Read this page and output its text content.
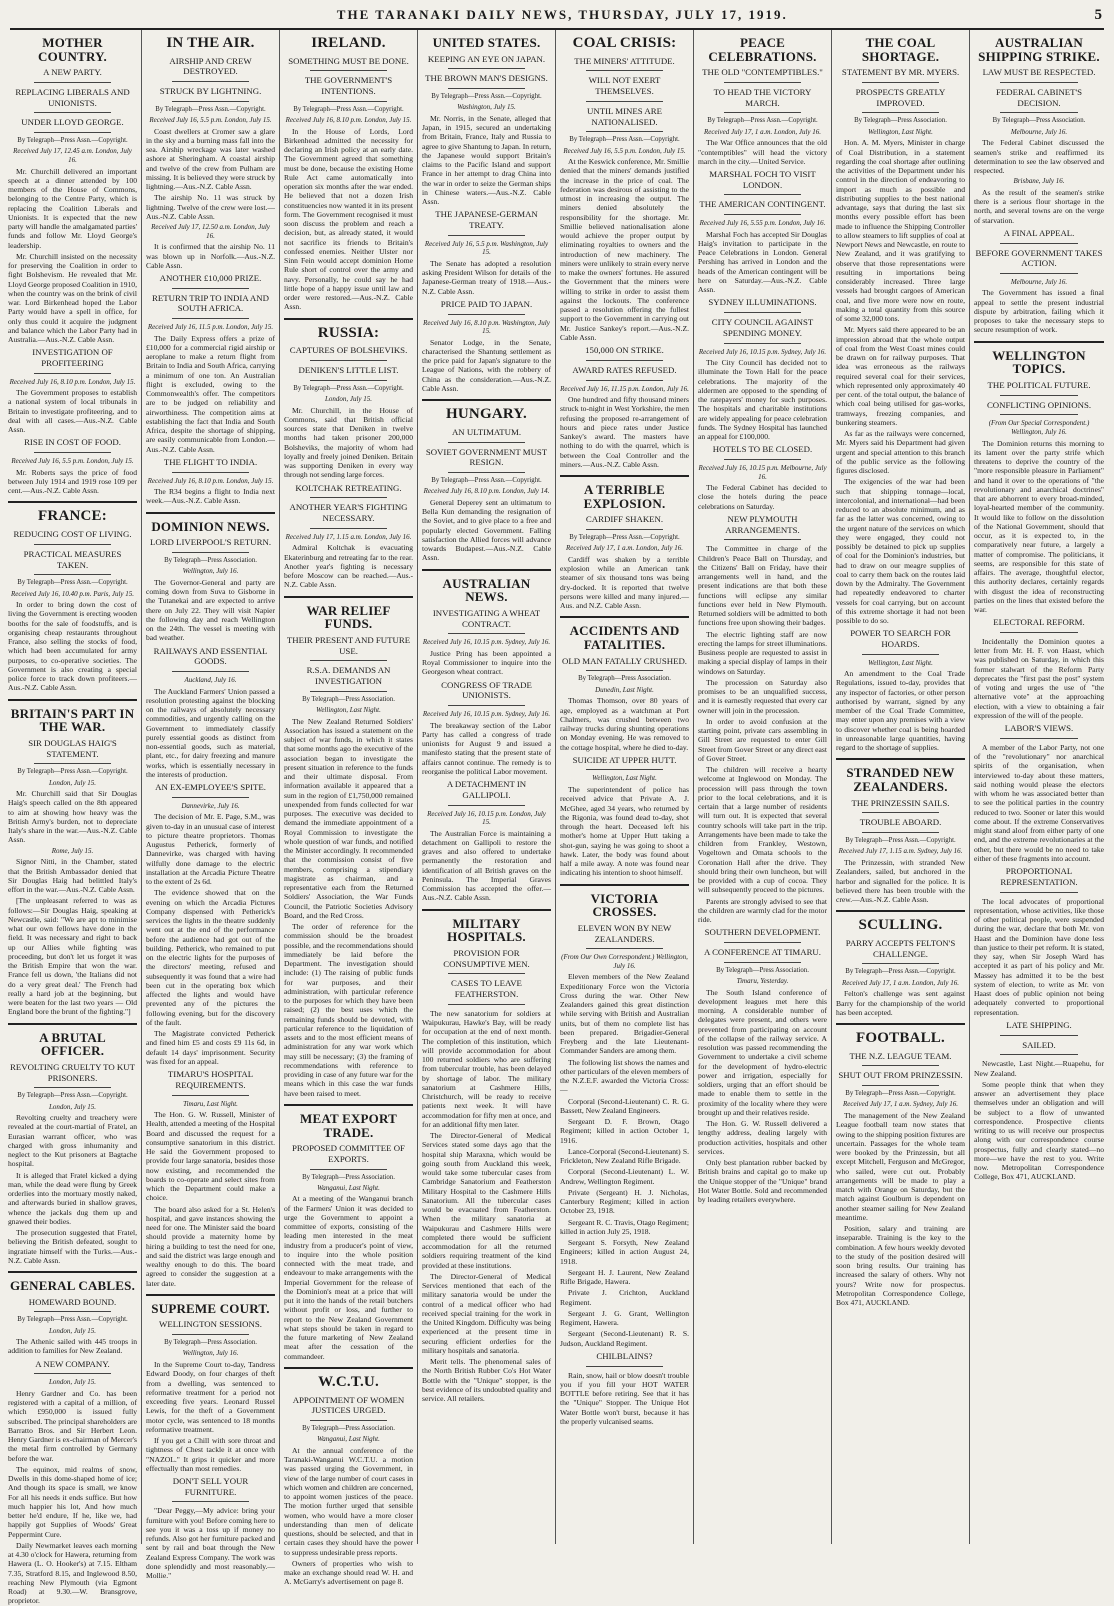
THE TARANAKI DAILY NEWS, THURSDAY, JULY 17, 1919.	5
MOTHER COUNTRY.
A NEW PARTY.
REPLACING LIBERALS AND UNIONISTS.
UNDER LLOYD GEORGE.
By Telegraph—Press Assn.—Copyright.
Received July 17, 12.45 a.m. London, July 16.
Mr. Churchill delivered an important speech at a dinner attended by 100 members of the House of Commons, belonging to the Centre Party, which is replacing the Coalition Liberals and Unionists. It is expected that the new party will handle the amalgamated parties' funds and follow Mr. Lloyd George's leadership.
Mr. Churchill insisted on the necessity for preserving the Coalition in order to fight Bolshevism. He revealed that Mr. Lloyd George proposed Coalition in 1910, when the country was on the brink of civil war. Lord Birkenhead hoped the Labor Party would have a spell in office, for only thus could it acquire the judgment and balance which the Labor Party had in Australia.—Aus.-N.Z. Cable Assn.
INVESTIGATION OF PROFITEERING
Received July 16, 8.10 p.m. London, July 15.
The Government proposes to establish a national system of local tribunals in Britain to investigate profiteering, and to deal with all cases.—Aus.-N.Z. Cable Assn.
RISE IN COST OF FOOD.
Received July 16, 5.5 p.m. London, July 15.
Mr. Roberts says the price of food between July 1914 and 1919 rose 109 per cent.—Aus.-N.Z. Cable Assn.
FRANCE:
REDUCING COST OF LIVING.
PRACTICAL MEASURES TAKEN.
By Telegraph—Press Assn.—Copyright.
Received July 16, 10.40 p.m. Paris, July 15.
In order to bring down the cost of living the Government is erecting wooden booths for the sale of foodstuffs, and is organising cheap restaurants throughout France, also selling the stocks of food, which had been accumulated for army purposes, to co-operative societies. The Government is also creating a special police force to track down profiteers.—Aus.-N.Z. Cable Assn.
BRITAIN'S PART IN THE WAR.
SIR DOUGLAS HAIG'S STATEMENT.
By Telegraph—Press Assn.—Copyright.
London, July 15.
Mr. Churchill said that Sir Douglas Haig's speech called on the 8th appeared to aim at showing how heavy was the British Army's burden, not to depreciate Italy's share in the war.—Aus.-N.Z. Cable Assn.
Rome, July 15.
Signor Nitti, in the Chamber, stated that the British Ambassador denied that Sir Douglas Haig had belittled Italy's effort in the war.—Aus.-N.Z. Cable Assn.
[The unpleasant referred to was as follows:—Sir Douglas Haig, speaking at Newcastle, said: "We are apt to minimise what our own fellows have done in the field. It was necessary and right to back up our Allies while fighting was proceeding, but don't let us forget it was the British Empire that won the war. France fell us down, 'the Italians did not do a very great deal.' The French had really a hard job at the beginning, but were beaten for the last two years — Old England bore the brunt of the fighting."]
A BRUTAL OFFICER.
REVOLTING CRUELTY TO KUT PRISONERS.
By Telegraph—Press Assn.—Copyright.
London, July 15.
Revolting cruelty and treachery were revealed at the court-martial of Fratel, an Eurasian warrant officer, who was charged with gross inhumanity and neglect to the Kut prisoners at Bagtache hospital.
It is alleged that Fratel kicked a dying man, while the dead were flung by Greek orderlies into the mortuary mostly naked, and afterwards buried in shallow graves, whence the jackals dug them up and gnawed their bodies.
The prosecution suggested that Fratel, believing the British defeated, sought to ingratiate himself with the Turks.—Aus.-N.Z. Cable Assn.
GENERAL CABLES.
HOMEWARD BOUND.
By Telegraph—Press Assn.—Copyright.
London, July 15.
The Athenic sailed with 445 troops in addition to families for New Zealand.
A NEW COMPANY.
London, July 15.
Henry Gardner and Co. has been registered with a capital of a million, of which £950,000 is issued fully subscribed. The principal shareholders are Barratto Bros. and Sir Herbert Leon. Henry Gardner is ex-chairman of Mercer's the metal firm controlled by Germany before the war.
The equinox, mid realms of snow, Dwells in this dome-shaped home of ice; And though its space is small, we know For all his needs it ends suffice. But how much happier his lot, And how much better he'd endure, If he, like we, had happily got Supplies of Woods' Great Peppermint Cure.
Daily Newmarket leaves each morning at 4.30 o'clock for Hawera, returning from Hawera (L. O. Hooker's) at 7.15. Eltham 7.35, Stratford 8.15, and Inglewood 8.50, reaching New Plymouth (via Egmont Road) at 9.30.—W. Bransgrove, proprietor.
IN THE AIR.
AIRSHIP AND CREW DESTROYED.
STRUCK BY LIGHTNING.
By Telegraph—Press Assn.—Copyright.
Received July 16, 5.5 p.m. London, July 15.
Coast dwellers at Cromer saw a glare in the sky and a burning mass fall into the sea. Airship wreckage was later washed ashore at Sheringham. A coastal airship and twelve of the crew from Pulham are missing. It is believed they were struck by lightning.—Aus.-N.Z. Cable Assn.
The airship No. 11 was struck by lightning. Twelve of the crew were lost.—Aus.-N.Z. Cable Assn.
Received July 17, 12.50 a.m. London, July 16.
It is confirmed that the airship No. 11 was blown up in Norfolk.—Aus.-N.Z. Cable Assn.
ANOTHER £10,000 PRIZE.
RETURN TRIP TO INDIA AND SOUTH AFRICA.
Received July 16, 11.5 p.m. London, July 15.
The Daily Express offers a prize of £10,000 for a commercial rigid airship or aeroplane to make a return flight from Britain to India and South Africa, carrying a minimum of one ton. An Australian flight is excluded, owing to the Commonwealth's offer. The competitors are to be judged on reliability and airworthiness. The competition aims at establishing the fact that India and South Africa, despite the shortage of shipping, are easily communicable from London.—Aus.-N.Z. Cable Assn.
THE FLIGHT TO INDIA.
Received July 16, 8.10 p.m. London, July 15.
The R34 begins a flight to India next week.—Aus.-N.Z. Cable Assn.
DOMINION NEWS.
LORD LIVERPOOL'S RETURN.
By Telegraph—Press Association.
Wellington, July 16.
The Governor-General and party are coming down from Suva to Gisborne in the Tutanekai and are expected to arrive there on July 22. They will visit Napier the following day and reach Wellington on the 24th. The vessel is meeting with bad weather.
RAILWAYS AND ESSENTIAL GOODS.
Auckland, July 16.
The Auckland Farmers' Union passed a resolution protesting against the blocking on the railways of absolutely necessary commodities, and urgently calling on the Government to immediately classify purely essential goods as distinct from non-essential goods, such as material, plant, etc., for dairy freezing and manure works, which is essentially necessary in the interests of production.
AN EX-EMPLOYEE'S SPITE.
Dannevirke, July 16.
The decision of Mr. E. Page, S.M., was given to-day in an unusual case of interest to picture theatre proprietors. Thomas Augustus Petherick, formerly of Dannevirke, was charged with having wilfully done damage to the electric installation at the Arcadia Picture Theatre to the extent of 2s 6d.
The evidence showed that on the evening on which the Arcadia Pictures Company dispensed with Petherick's services the lights in the theatre suddenly went out at the end of the performance before the audience had got out of the building. Petherick, who remained to put on the electric lights for the purposes of the directors' meeting, refused and subsequently it was found that a wire had been cut in the operating box which affected the lights and would have prevented any of the pictures the following evening, but for the discovery of the fault.
The Magistrate convicted Petherick and fined him £5 and costs £9 11s 6d, in default 14 days' imprisonment. Security was fixed for an appeal.
TIMARU'S HOSPITAL REQUIREMENTS.
Timaru, Last Night.
The Hon. G. W. Russell, Minister of Health, attended a meeting of the Hospital Board and discussed the request for a consumptive sanatorium in this district. He said the Government proposed to provide four large sanatoria, besides those now existing, and recommended the boards to co-operate and select sites from which the Department could make a choice.
The board also asked for a St. Helen's hospital, and gave instances showing the need for one. The Minister said the board should provide a maternity home by hiring a building to test the need for one, and said the district was large enough and wealthy enough to do this. The board agreed to consider the suggestion at a later date.
SUPREME COURT.
WELLINGTON SESSIONS.
By Telegraph—Press Association.
Wellington, July 16.
In the Supreme Court to-day, Tandress Edward Doody, on four charges of theft from a dwelling, was sentenced to reformative treatment for a period not exceeding five years. Leonard Russel Lewis, for the theft of a Government motor cycle, was sentenced to 18 months reformative treatment.
If you get a Chill with sore throat and tightness of Chest tackle it at once with "NAZOL." It grips it quicker and more effectually than most remedies.
DON'T SELL YOUR FURNITURE.
"Dear Peggy,—My advice: bring your furniture with you! Before coming here to see you it was a toss up if money no refunds. Also got her furniture packed and sent by rail and boat through the New Zealand Express Company. The work was done splendidly and most reasonably.—Mollie."
IRELAND.
SOMETHING MUST BE DONE.
THE GOVERNMENT'S INTENTIONS.
By Telegraph—Press Assn.—Copyright.
Received July 16, 8.10 p.m. London, July 15.
In the House of Lords, Lord Birkenhead admitted the necessity for declaring an Irish policy at an early date. The Government agreed that something must be done, because the existing Home Rule Act came automatically into operation six months after the war ended. He believed that not a dozen Irish constituencies now wanted it in its present form. The Government recognised it must soon discuss the problem and reach a decision, but, as already stated, it would not sacrifice its friends to Britain's confessed enemies. Neither Ulster nor Sinn Fein would accept dominion Home Rule short of control over the army and navy. Personally, he could say he had little hope of a happy issue until law and order were restored.—Aus.-N.Z. Cable Assn.
RUSSIA:
CAPTURES OF BOLSHEVIKS.
DENIKEN'S LITTLE LIST.
By Telegraph—Press Assn.—Copyright.
London, July 15.
Mr. Churchill, in the House of Commons, said that British official sources state that Deniken in twelve months had taken prisoner 200,000 Bolsheviks, the majority of whom had loyally and freely joined Deniken. Britain was supporting Deniken in every way through not sending large forces.
KOLTCHAK RETREATING.
ANOTHER YEAR'S FIGHTING NECESSARY.
Received July 17, 1.15 a.m. London, July 16.
Admiral Koltchak is evacuating Ekaterinburg and retreating far to the rear. Another year's fighting is necessary before Moscow can be reached.—Aus.-N.Z. Cable Assn.
WAR RELIEF FUNDS.
THEIR PRESENT AND FUTURE USE.
R.S.A. DEMANDS AN INVESTIGATION
By Telegraph—Press Association.
Wellington, Last Night.
The New Zealand Returned Soldiers' Association has issued a statement on the subject of war funds, in which it states that some months ago the executive of the association began to investigate the present situation in reference to the funds and their ultimate disposal. From information available it appeared that a sum in the region of £1,750,000 remained unexpended from funds collected for war purposes. The executive was decided to demand the immediate appointment of a Royal Commission to investigate the whole question of war funds, and notified the Minister accordingly. It recommended that the commission consist of five members, comprising a stipendiary magistrate as chairman, and a representative each from the Returned Soldiers' Association, the War Funds Council, the Patriotic Societies Advisory Board, and the Red Cross.
The order of reference for the commission should be the broadest possible, and the recommendations should immediately be laid before the Department. The investigation should include: (1) The raising of public funds for war purposes, and their administration, with particular reference to the purposes for which they have been raised; (2) the best uses which the remaining funds should be devoted, with particular reference to the liquidation of assets and to the most efficient means of administration for any war work which may still be necessary; (3) the framing of recommendations with reference to providing in case of any future war for the means which in this case the war funds have been raised to meet.
MEAT EXPORT TRADE.
PROPOSED COMMITTEE OF EXPORTS.
By Telegraph—Press Association.
Wanganui, Last Night.
At a meeting of the Wanganui branch of the Farmers' Union it was decided to urge the Government to appoint a committee of exports, consisting of the leading men interested in the meat industry from a producer's point of view, to inquire into the whole position connected with the meat trade, and endeavour to make arrangements with the Imperial Government for the release of the Dominion's meat at a price that will put it into the hands of the retail butchers without profit or loss, and further to report to the New Zealand Government what steps should be taken in regard to the future marketing of New Zealand meat after the cessation of the commandeer.
W.C.T.U.
APPOINTMENT OF WOMEN JUSTICES URGED.
By Telegraph—Press Association.
Wanganui, Last Night.
At the annual conference of the Taranaki-Wanganui W.C.T.U. a motion was passed urging the Government, in view of the large number of court cases in which women and children are concerned, to appoint women justices of the peace. The motion further urged that sensible women, who would have a more closer understanding than men of delicate questions, should be selected, and that in certain cases they should have the power to suppress undesirable press reports.
Owners of properties who wish to make an exchange should read W. H. and A. McGarry's advertisement on page 8.
UNITED STATES.
KEEPING AN EYE ON JAPAN.
THE BROWN MAN'S DESIGNS.
By Telegraph—Press Assn.—Copyright.
Washington, July 15.
Mr. Norris, in the Senate, alleged that Japan, in 1915, secured an undertaking from Britain, France, Italy and Russia to agree to give Shantung to Japan. In return, the Japanese would support Britain's claims to the Pacific Island and support France in her attempt to drag China into the war in order to seize the German ships in Chinese waters.—Aus.-N.Z. Cable Assn.
THE JAPANESE-GERMAN TREATY.
Received July 16, 5.5 p.m. Washington, July 15.
The Senate has adopted a resolution asking President Wilson for details of the Japanese-German treaty of 1918.—Aus.-N.Z. Cable Assn.
PRICE PAID TO JAPAN.
Received July 16, 8.10 p.m. Washington, July 15.
Senator Lodge, in the Senate, characterised the Shantung settlement as the price paid for Japan's signature to the League of Nations, with the robbery of China as the consideration.—Aus.-N.Z. Cable Assn.
HUNGARY.
AN ULTIMATUM.
SOVIET GOVERNMENT MUST RESIGN.
By Telegraph—Press Assn.—Copyright.
Received July 16, 8.10 p.m. London, July 14.
General Deperey sent an ultimatum to Bella Kun demanding the resignation of the Soviet, and to give place to a free and popularly elected Government. Falling satisfaction the Allied forces will advance towards Budapest.—Aus.-N.Z. Cable Assn.
AUSTRALIAN NEWS.
INVESTIGATING A WHEAT CONTRACT.
Received July 16, 10.15 p.m. Sydney, July 16.
Justice Pring has been appointed a Royal Commissioner to inquire into the Georgeson wheat contract.
CONGRESS OF TRADE UNIONISTS.
Received July 16, 10.15 p.m. Sydney, July 16.
The breakaway section of the Labor Party has called a congress of trade unionists for August 9 and issued a manifesto stating that the present state of affairs cannot continue. The remedy is to reorganise the political Labor movement.
A DETACHMENT IN GALLIPOLI.
Received July 16, 10.15 p.m. London, July 15.
The Australian Force is maintaining a detachment on Gallipoli to restore the graves and also offered to undertake permanently the restoration and identification of all British graves on the Peninsula. The Imperial Graves Commission has accepted the offer.—Aus.-N.Z. Cable Assn.
MILITARY HOSPITALS.
PROVISION FOR CONSUMPTIVE MEN.
CASES TO LEAVE FEATHERSTON.
The new sanatorium for soldiers at Waipukurau, Hawke's Bay, will be ready for occupation at the end of next month. The completion of this institution, which will provide accommodation for about 100 returned soldiers who are suffering from tubercular trouble, has been delayed by shortage of labor. The military sanatorium at Cashmere Hills, Christchurch, will be ready to receive patients next week. It will have accommodation for fifty men at once, and for an additional fifty men later.
The Director-General of Medical Services stated some days ago that the hospital ship Maraxna, which would be going south from Auckland this week, would take some tubercular cases from Cambridge Sanatorium and Featherston Military Hospital to the Cashmere Hills Sanatorium. All the tubercular cases would be evacuated from Featherston. When the military sanatoria at Waipukurau and Cashmere Hills were completed there would be sufficient accommodation for all the returned soldiers requiring treatment of the kind provided at these institutions.
The Director-General of Medical Services mentioned that each of the military sanatoria would be under the control of a medical officer who had received special training for the work in the United Kingdom. Difficulty was being experienced at the present time in securing efficient orderlies for the military hospitals and sanatoria.
Merit tells. The phenomenal sales of the North British Rubber Co's Hot Water Bottle with the "Unique" stopper, is the best evidence of its undoubted quality and service. All retailers.
COAL CRISIS:
THE MINERS' ATTITUDE.
WILL NOT EXERT THEMSELVES.
UNTIL MINES ARE NATIONALISED.
By Telegraph—Press Assn.—Copyright.
Received July 16, 5.5 p.m. London, July 15.
At the Keswick conference, Mr. Smillie denied that the miners' demands justified the increase in the price of coal. The federation was desirous of assisting to the utmost in increasing the output. The miners denied absolutely the responsibility for the shortage. Mr. Smillie believed nationalisation alone would achieve the proper output by eliminating royalties to owners and the introduction of new machinery. The miners were unlikely to strain every nerve to make the owners' fortunes. He assured the Government that the miners were willing to strike in order to assist them against the lockouts. The conference passed a resolution offering the fullest support to the Government in carrying out Mr. Justice Sankey's report.—Aus.-N.Z. Cable Assn.
150,000 ON STRIKE.
AWARD RATES REFUSED.
Received July 16, 11.15 p.m. London, July 16.
One hundred and fifty thousand miners struck to-night in West Yorkshire, the men refusing the proposed re-arrangement of hours and piece rates under Justice Sankey's award. The masters have nothing to do with the quarrel, which is between the Coal Controller and the miners.—Aus.-N.Z. Cable Assn.
A TERRIBLE EXPLOSION.
CARDIFF SHAKEN.
By Telegraph—Press Assn.—Copyright.
Received July 17, 1 a.m. London, July 16.
Cardiff was shaken by a terrible explosion while an American tank steamer of six thousand tons was being dry-docked. It is reported that twelve persons were killed and many injured.—Aus. and N.Z. Cable Assn.
ACCIDENTS AND FATALITIES.
OLD MAN FATALLY CRUSHED.
By Telegraph—Press Association.
Dunedin, Last Night.
Thomas Thomson, over 80 years of age, employed as a watchman at Port Chalmers, was crushed between two railway trucks during shunting operations on Monday evening. He was removed to the cottage hospital, where he died to-day.
SUICIDE AT UPPER HUTT.
Wellington, Last Night.
The superintendent of police has received advice that Private A. J. McGhee, aged 34 years, who returned by the Rigonia, was found dead to-day, shot through the heart. Deceased left his mother's home at Upper Hutt taking a shot-gun, saying he was going to shoot a hawk. Later, the body was found about half a mile away. A note was found near indicating his intention to shoot himself.
VICTORIA CROSSES.
ELEVEN WON BY NEW ZEALANDERS.
(From Our Own Correspondent.) Wellington, July 16.
Eleven members of the New Zealand Expeditionary Force won the Victoria Cross during the war. Other New Zealanders gained this great distinction while serving with British and Australian units, but of them no complete list has been prepared. Brigadier-General Freyberg and the late Lieutenant-Commander Sanders are among them.
The following list shows the names and other particulars of the eleven members of the N.Z.E.F. awarded the Victoria Cross:—
Corporal (Second-Lieutenant) C. R. G. Bassett, New Zealand Engineers.
Sergeant D. F. Brown, Otago Regiment; killed in action October 1, 1916.
Lance-Corporal (Second-Lieutenant) S. Frickleton, New Zealand Rifle Brigade.
Corporal (Second-Lieutenant) L. W. Andrew, Wellington Regiment.
Private (Sergeant) H. J. Nicholas, Canterbury Regiment; killed in action October 23, 1918.
Sergeant R. C. Travis, Otago Regiment; killed in action July 25, 1918.
Sergeant S. Forsyth, New Zealand Engineers; killed in action August 24, 1918.
Sergeant H. J. Laurent, New Zealand Rifle Brigade, Hawera.
Private J. Crichton, Auckland Regiment.
Sergeant J. G. Grant, Wellington Regiment, Hawera.
Sergeant (Second-Lieutenant) R. S. Judson, Auckland Regiment.
CHILBLAINS?
Rain, snow, hail or blow doesn't trouble you if you fill your HOT WATER BOTTLE before retiring. See that it has the "Unique" Stopper. The Unique Hot Water Bottle won't burst, because it has the properly vulcanised seams.
PEACE CELEBRATIONS.
THE OLD "CONTEMPTIBLES."
TO HEAD THE VICTORY MARCH.
By Telegraph—Press Assn.—Copyright.
Received July 17, 1 a.m. London, July 16.
The War Office announces that the old "contemptibles" will head the victory march in the city.—United Service.
MARSHAL FOCH TO VISIT LONDON.
THE AMERICAN CONTINGENT.
Received July 16, 5.55 p.m. London, July 16.
Marshal Foch has accepted Sir Douglas Haig's invitation to participate in the Peace Celebrations in London. General Pershing has arrived in London and the heads of the American contingent will be here on Saturday.—Aus.-N.Z. Cable Assn.
SYDNEY ILLUMINATIONS.
CITY COUNCIL AGAINST SPENDING MONEY.
Received July 16, 10.15 p.m. Sydney, July 16.
The City Council has decided not to illuminate the Town Hall for the peace celebrations. The majority of the aldermen are opposed to the spending of the ratepayers' money for such purposes. The hospitals and charitable institutions are widely appealing for peace celebration funds. The Sydney Hospital has launched an appeal for £100,000.
HOTELS TO BE CLOSED.
Received July 16, 10.15 p.m. Melbourne, July 16.
The Federal Cabinet has decided to close the hotels during the peace celebrations on Saturday.
NEW PLYMOUTH ARRANGEMENTS.
The Committee in charge of the Children's Peace Ball on Thursday, and the Citizens' Ball on Friday, have their arrangements well in hand, and the present indications are that both these functions will eclipse any similar functions ever held in New Plymouth. Returned soldiers will be admitted to both functions free upon showing their badges.
The electric lighting staff are now erecting the lamps for street illuminations. Business people are requested to assist in making a special display of lamps in their windows on Saturday.
The procession on Saturday also promises to be an unqualified success, and it is earnestly requested that every car owner will join in the procession.
In order to avoid confusion at the starting point, private cars assembling in Gill Street are requested to enter Gill Street from Gover Street or any direct east of Gover Street.
The children will receive a hearty welcome at Inglewood on Monday. The procession will pass through the town prior to the local celebrations, and it is certain that a large number of residents will turn out. It is expected that several country schools will take part in the trip. Arrangements have been made to take the children from Frankley, Westown, Vogeltown and Omata schools to the Coronation Hall after the drive. They should bring their own luncheon, but will be provided with a cup of cocoa. They will subsequently proceed to the pictures.
Parents are strongly advised to see that the children are warmly clad for the motor ride.
SOUTHERN DEVELOPMENT.
A CONFERENCE AT TIMARU.
By Telegraph—Press Association.
Timaru, Yesterday.
The South Island conference of development leagues met here this morning. A considerable number of delegates were present, and others were prevented from participating on account of the collapse of the railway service. A resolution was passed recommending the Government to undertake a civil scheme for the development of hydro-electric power and irrigation, especially for soldiers, urging that an effort should be made to enable them to settle in the proximity of the locality where they were brought up and their relatives reside.
The Hon. G. W. Russell delivered a lengthy address, dealing largely with production activities, hospitals and other services.
Only best plantation rubber backed by British brains and capital go to make up the Unique stopper of the "Unique" brand Hot Water Bottle. Sold and recommended by leading retailers everywhere.
THE COAL SHORTAGE.
STATEMENT BY MR. MYERS.
PROSPECTS GREATLY IMPROVED.
By Telegraph—Press Association.
Wellington, Last Night.
Hon. A. M. Myers, Minister in charge of Coal Distribution, in a statement regarding the coal shortage after outlining the activities of the Department under his control in the direction of endeavoring to import as much as possible and distributing supplies to the best national advantage, says that during the last six months every possible effort has been made to influence the Shipping Controller to allow steamers to lift supplies of coal at Newport News and Newcastle, en route to New Zealand, and it was gratifying to observe that those representations were resulting in importations being considerably increased. Three large vessels had brought cargoes of American coal, and five more were now en route, making a total quantity from this source of some 32,000 tons.
Mr. Myers said there appeared to be an impression abroad that the whole output of coal from the West Coast mines could be drawn on for railway purposes. That idea was erroneous as the railways required several coal for their services, which represented only approximately 40 per cent. of the total output, the balance of which coal being utilised for gas-works, tramways, freezing companies, and bunkering steamers.
As far as the railways were concerned, Mr. Myers said his Department had given urgent and special attention to this branch of the public service as the following figures disclosed.
The exigencies of the war had been such that shipping tonnage—local, intercolonial, and international—had been reduced to an absolute minimum, and as far as the latter was concerned, owing to the urgent nature of the services on which they were engaged, they could not possibly be detained to pick up supplies of coal for the Dominion's industries, but had to draw on our meagre supplies of coal to carry them back on the routes laid down by the Admiralty. The Government had repeatedly endeavored to charter vessels for coal carrying, but on account of this extreme shortage it had not been possible to do so.
POWER TO SEARCH FOR HOARDS.
Wellington, Last Night.
An amendment to the Coal Trade Regulations, issued to-day, provides that any inspector of factories, or other person authorised by warrant, signed by any member of the Coal Trade Committee, may enter upon any premises with a view to discover whether coal is being hoarded in unreasonable large quantities, having regard to the shortage of supplies.
STRANDED NEW ZEALANDERS.
THE PRINZESSIN SAILS.
TROUBLE ABOARD.
By Telegraph—Press Assn.—Copyright.
Received July 17, 1.15 a.m. Sydney, July 16.
The Prinzessin, with stranded New Zealanders, sailed, but anchored in the harbor and signalled for the police. It is believed there has been trouble with the crew.—Aus.-N.Z. Cable Assn.
SCULLING.
PARRY ACCEPTS FELTON'S CHALLENGE.
By Telegraph—Press Assn.—Copyright.
Received July 17, 1 a.m. London, July 16.
Felton's challenge was sent against Barry for the championship of the world has been accepted.
FOOTBALL.
THE N.Z. LEAGUE TEAM.
SHUT OUT FROM PRINZESSIN.
By Telegraph—Press Assn.—Copyright.
Received July 17, 1 a.m. Sydney, July 16.
The management of the New Zealand League football team now states that owing to the shipping position fixtures are uncertain. Passages for the whole team were booked by the Prinzessin, but all except Mitchell, Ferguson and McGregor, who sailed, were cut out. Probably arrangements will be made to play a match with Orange on Saturday, but the match against Goulburn is dependent on another steamer sailing for New Zealand meantime.
Position, salary and training are inseparable. Training is the key to the combination. A few hours weekly devoted to the study of the position desired will soon bring results. Our training has increased the salary of others. Why not yours? Write now for prospectus. Metropolitan Correspondence College, Box 471, AUCKLAND.
AUSTRALIAN SHIPPING STRIKE.
LAW MUST BE RESPECTED.
FEDERAL CABINET'S DECISION.
By Telegraph—Press Association.
Melbourne, July 16.
The Federal Cabinet discussed the seamen's strike and reaffirmed its determination to see the law observed and respected.
Brisbane, July 16.
As the result of the seamen's strike there is a serious flour shortage in the north, and several towns are on the verge of starvation.
A FINAL APPEAL.
BEFORE GOVERNMENT TAKES ACTION.
Melbourne, July 16.
The Government has issued a final appeal to settle the present industrial dispute by arbitration, failing which it proposes to take the necessary steps to secure resumption of work.
WELLINGTON TOPICS.
THE POLITICAL FUTURE.
CONFLICTING OPINIONS.
(From Our Special Correspondent.) Wellington, July 16.
The Dominion returns this morning to its lament over the party strife which threatens to deprive the country of the "more responsible pleasure in Parliament" and hand it over to the operations of "the revolutionary and anarchical doctrines" that are abhorrent to every broad-minded, loyal-hearted member of the community. It would like to follow on the dissolution of the National Government, should that occur, as it is expected to, in the comparatively near future, a largely a matter of compromise. The politicians, it seems, are responsible for this state of affairs. The average, thoughtful elector, this authority declares, certainly regards with disgust the idea of reconstructing parties on the lines that existed before the war.
ELECTORAL REFORM.
Incidentally the Dominion quotes a letter from Mr. H. F. von Haast, which was published on Saturday, in which this former stalwart of the Reform Party deprecates the "first past the post" system of voting and urges the use of "the alternative vote" at the approaching election, with a view to obtaining a fair expression of the will of the people.
LABOR'S VIEWS.
A member of the Labor Party, not one of the "revolutionary" nor anarchical spirits of the organisation, when interviewed to-day about these matters, said nothing would please the electors with whom he was associated better than to see the political parties in the country reduced to two. Sooner or later this would come about. If the extreme Conservatives might stand aloof from either party of one end, and the extreme revolutionaries at the other, but there would be no need to take either of these fragments into account.
PROPORTIONAL REPRESENTATION.
The local advocates of proportional representation, whose activities, like those of other political people, were suspended during the war, declare that both Mr. von Haast and the Dominion have done less than justice to their pet reform. It is stated, they say, when Sir Joseph Ward has accepted it as part of his policy and Mr. Massey has admitted it to be the best system of election, to write as Mr. von Haast does of public opinion not being adequately converted to proportional representation.
LATE SHIPPING.
SAILED.
Newcastle, Last Night.—Ruapehu, for New Zealand.
Some people think that when they answer an advertisement they place themselves under an obligation and will be subject to a flow of unwanted correspondence. Prospective clients writing to us will receive our prospectus along with our correspondence course prospectus, fully and clearly stated—no more—we have the rest to you. Write now. Metropolitan Correspondence College, Box 471, AUCKLAND.
